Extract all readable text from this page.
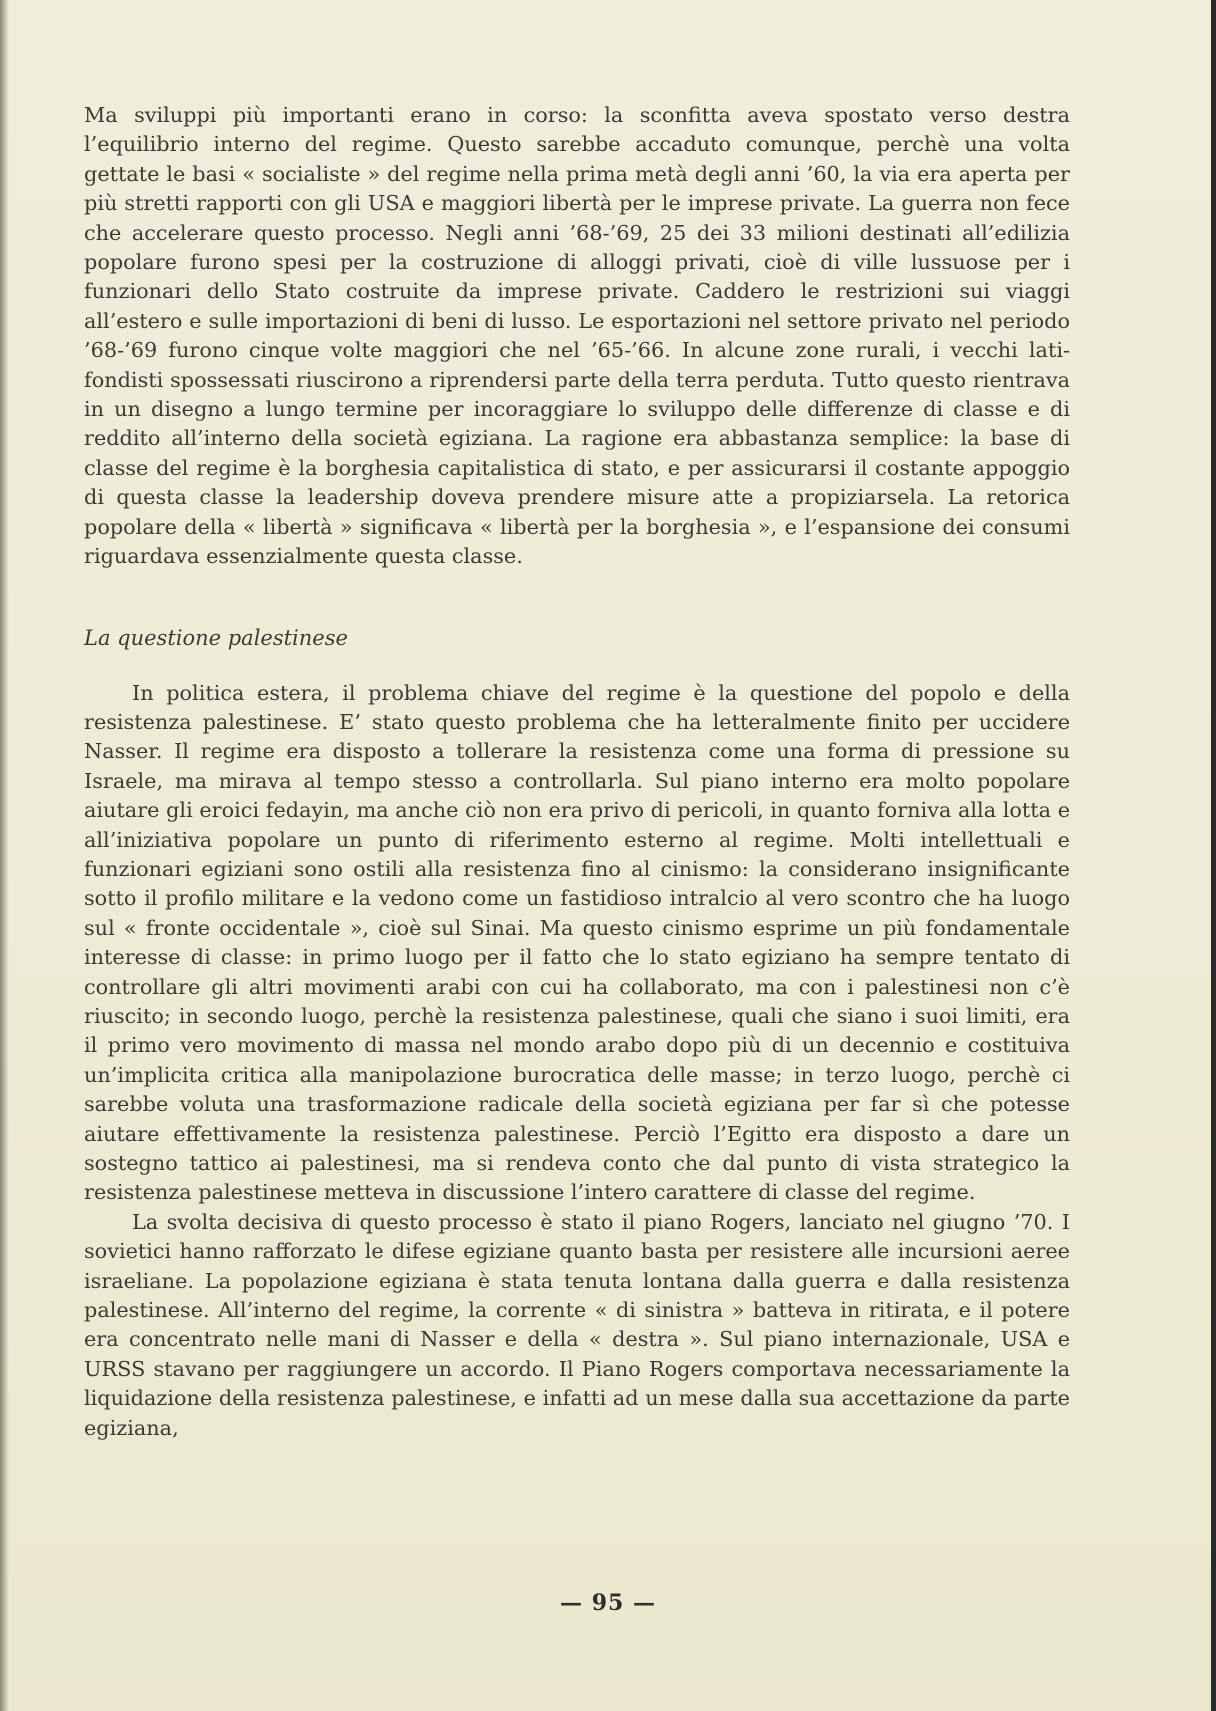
Ma sviluppi più importanti erano in corso: la sconfitta aveva spostato verso destra l’equilibrio interno del regime. Questo sarebbe accaduto comunque, perchè una volta gettate le basi « socialiste » del regime nella prima metà degli anni ’60, la via era aperta per più stretti rapporti con gli USA e maggiori libertà per le imprese private. La guerra non fece che accelerare questo processo. Negli anni ’68-’69, 25 dei 33 milioni destinati all’edilizia popolare furono spesi per la costruzione di alloggi privati, cioè di ville lussuose per i funzionari dello Stato costruite da imprese private. Caddero le restrizioni sui viaggi all’estero e sulle importazioni di beni di lusso. Le esportazioni nel settore privato nel periodo ’68-’69 furono cinque volte maggiori che nel ’65-’66. In alcune zone rurali, i vecchi latifondisti spossessati riuscirono a riprendersi parte della terra perduta. Tutto questo rientrava in un disegno a lungo termine per incoraggiare lo sviluppo delle differenze di classe e di reddito all’interno della società egiziana. La ragione era abbastanza semplice: la base di classe del regime è la borghesia capitalistica di stato, e per assicurarsi il costante appoggio di questa classe la leadership doveva prendere misure atte a propiziarsela. La retorica popolare della « libertà » significava « libertà per la borghesia », e l’espansione dei consumi riguardava essenzialmente questa classe.

La questione palestinese

In politica estera, il problema chiave del regime è la questione del popolo e della resistenza palestinese. E’ stato questo problema che ha letteralmente finito per uccidere Nasser. Il regime era disposto a tollerare la resistenza come una forma di pressione su Israele, ma mirava al tempo stesso a controllarla. Sul piano interno era molto popolare aiutare gli eroici fedayin, ma anche ciò non era privo di pericoli, in quanto forniva alla lotta e all’iniziativa popolare un punto di riferimento esterno al regime. Molti intellettuali e funzionari egiziani sono ostili alla resistenza fino al cinismo: la considerano insignificante sotto il profilo militare e la vedono come un fastidioso intralcio al vero scontro che ha luogo sul « fronte occidentale », cioè sul Sinai. Ma questo cinismo esprime un più fondamentale interesse di classe: in primo luogo per il fatto che lo stato egiziano ha sempre tentato di controllare gli altri movimenti arabi con cui ha collaborato, ma con i palestinesi non c’è riuscito; in secondo luogo, perchè la resistenza palestinese, quali che siano i suoi limiti, era il primo vero movimento di massa nel mondo arabo dopo più di un decennio e costituiva un’implicita critica alla manipolazione burocratica delle masse; in terzo luogo, perchè ci sarebbe voluta una trasformazione radicale della società egiziana per far sì che potesse aiutare effettivamente la resistenza palestinese. Perciò l’Egitto era disposto a dare un sostegno tattico ai palestinesi, ma si rendeva conto che dal punto di vista strategico la resistenza palestinese metteva in discussione l’intero carattere di classe del regime.

La svolta decisiva di questo processo è stato il piano Rogers, lanciato nel giugno ’70. I sovietici hanno rafforzato le difese egiziane quanto basta per resistere alle incursioni aeree israeliane. La popolazione egiziana è stata tenuta lontana dalla guerra e dalla resistenza palestinese. All’interno del regime, la corrente « di sinistra » batteva in ritirata, e il potere era concentrato nelle mani di Nasser e della « destra ». Sul piano internazionale, USA e URSS stavano per raggiungere un accordo. Il Piano Rogers comportava necessariamente la liquidazione della resistenza palestinese, e infatti ad un mese dalla sua accettazione da parte egiziana,

— 95 —
